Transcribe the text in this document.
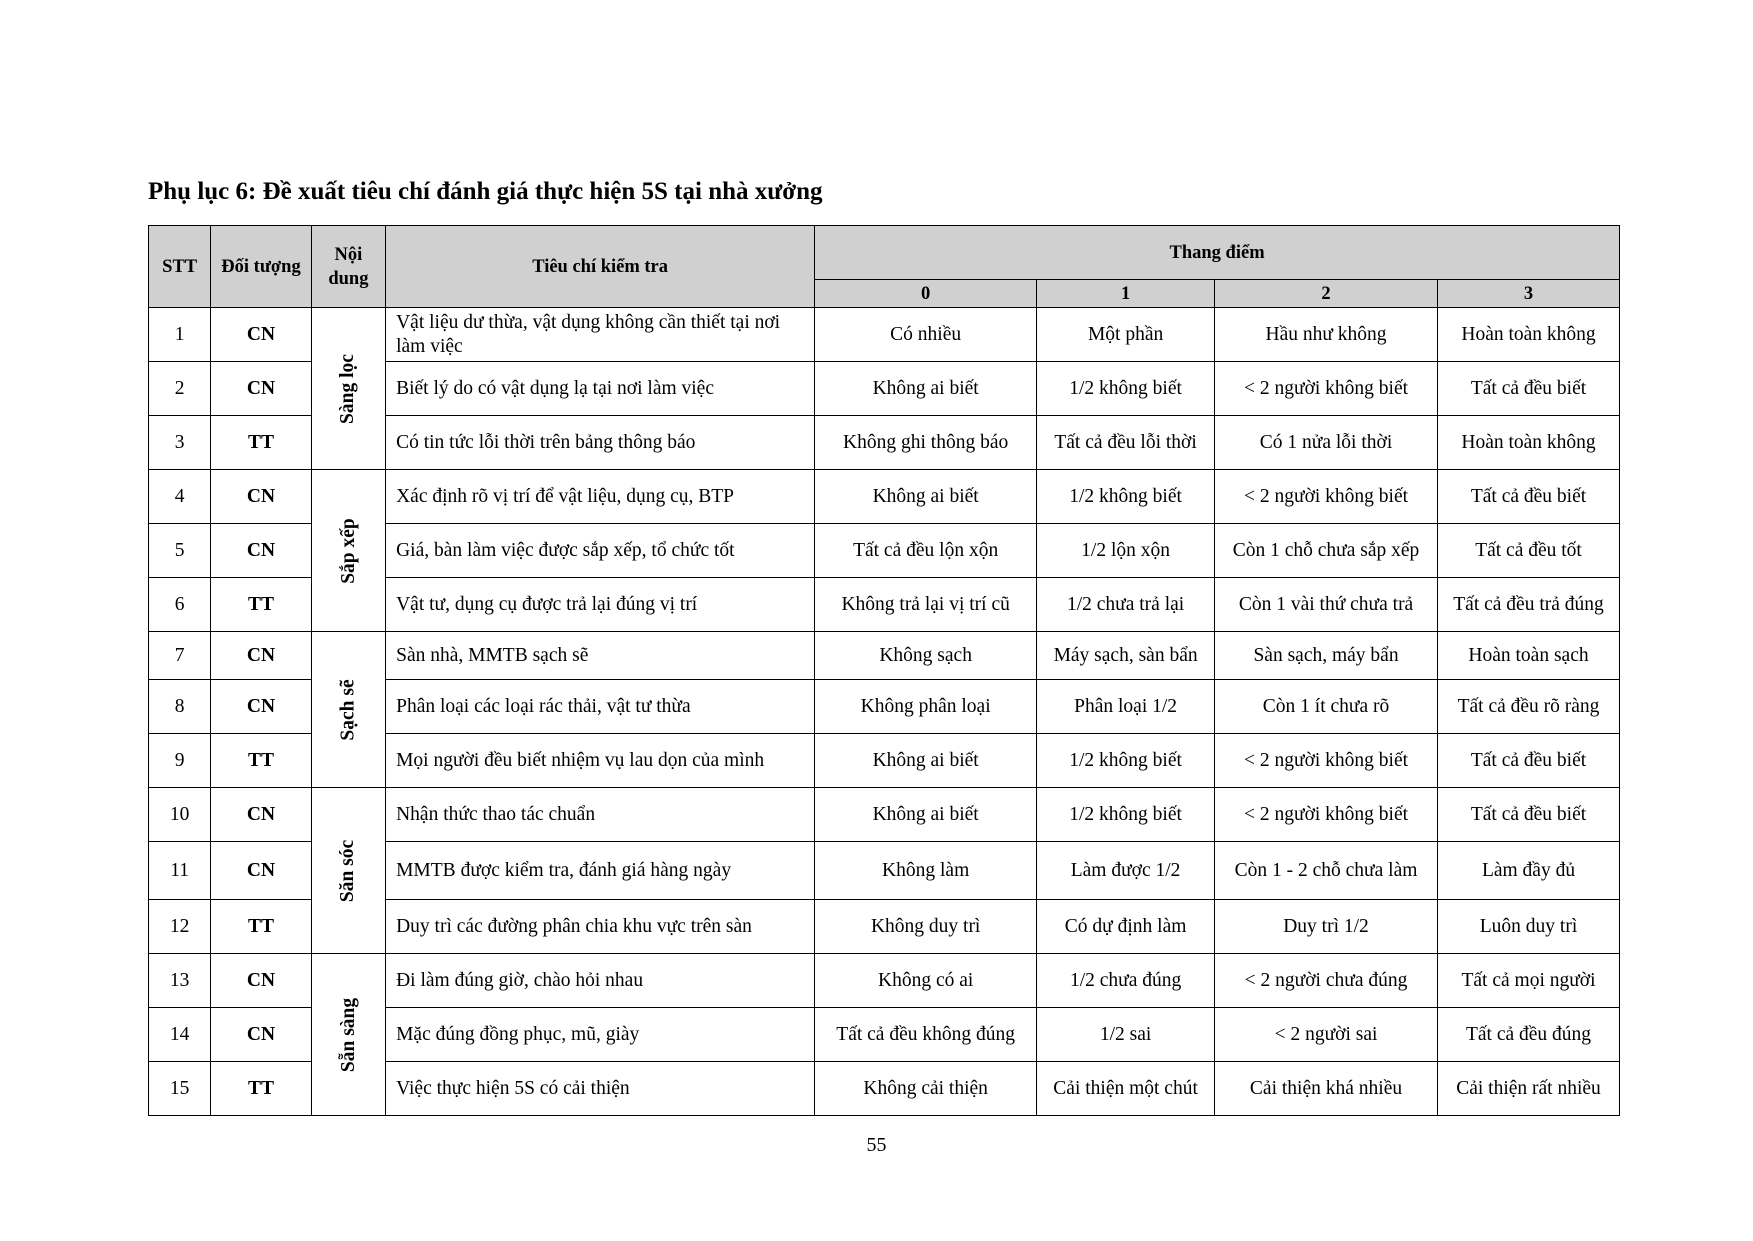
Phụ lục 6: Đề xuất tiêu chí đánh giá thực hiện 5S tại nhà xưởng
STT	Đối tượng	Nội dung	Tiêu chí kiểm tra	Thang điểm			
				0	1	2	3
1	CN	Sàng lọc	Vật liệu dư thừa, vật dụng không cần thiết tại nơi làm việc	Có nhiều	Một phần	Hầu như không	Hoàn toàn không
2	CN		Biết lý do có vật dụng lạ tại nơi làm việc	Không ai biết	1/2 không biết	< 2 người không biết	Tất cả đều biết
3	TT		Có tin tức lỗi thời trên bảng thông báo	Không ghi thông báo	Tất cả đều lỗi thời	Có 1 nửa lỗi thời	Hoàn toàn không
4	CN	Sắp xếp	Xác định rõ vị trí để vật liệu, dụng cụ, BTP	Không ai biết	1/2 không biết	< 2 người không biết	Tất cả đều biết
5	CN		Giá, bàn làm việc được sắp xếp, tổ chức tốt	Tất cả đều lộn xộn	1/2 lộn xộn	Còn 1 chỗ chưa sắp xếp	Tất cả đều tốt
6	TT		Vật tư, dụng cụ được trả lại đúng vị trí	Không trả lại vị trí cũ	1/2 chưa trả lại	Còn 1 vài thứ chưa trả	Tất cả đều trả đúng
7	CN	Sạch sẽ	Sàn nhà, MMTB sạch sẽ	Không sạch	Máy sạch, sàn bẩn	Sàn sạch, máy bẩn	Hoàn toàn sạch
8	CN		Phân loại các loại rác thải, vật tư thừa	Không phân loại	Phân loại 1/2	Còn 1 ít chưa rõ	Tất cả đều rõ ràng
9	TT		Mọi người đều biết nhiệm vụ lau dọn của mình	Không ai biết	1/2 không biết	< 2 người không biết	Tất cả đều biết
10	CN	Săn sóc	Nhận thức thao tác chuẩn	Không ai biết	1/2 không biết	< 2 người không biết	Tất cả đều biết
11	CN		MMTB được kiểm tra, đánh giá hàng ngày	Không làm	Làm được 1/2	Còn 1 - 2 chỗ chưa làm	Làm đầy đủ
12	TT		Duy trì các đường phân chia khu vực trên sàn	Không duy trì	Có dự định làm	Duy trì 1/2	Luôn duy trì
13	CN	Sẵn sàng	Đi làm đúng giờ, chào hỏi nhau	Không có ai	1/2 chưa đúng	< 2 người chưa đúng	Tất cả mọi người
14	CN		Mặc đúng đồng phục, mũ, giày	Tất cả đều không đúng	1/2 sai	< 2 người sai	Tất cả đều đúng
15	TT		Việc thực hiện 5S có cải thiện	Không cải thiện	Cải thiện một chút	Cải thiện khá nhiều	Cải thiện rất nhiều
55
